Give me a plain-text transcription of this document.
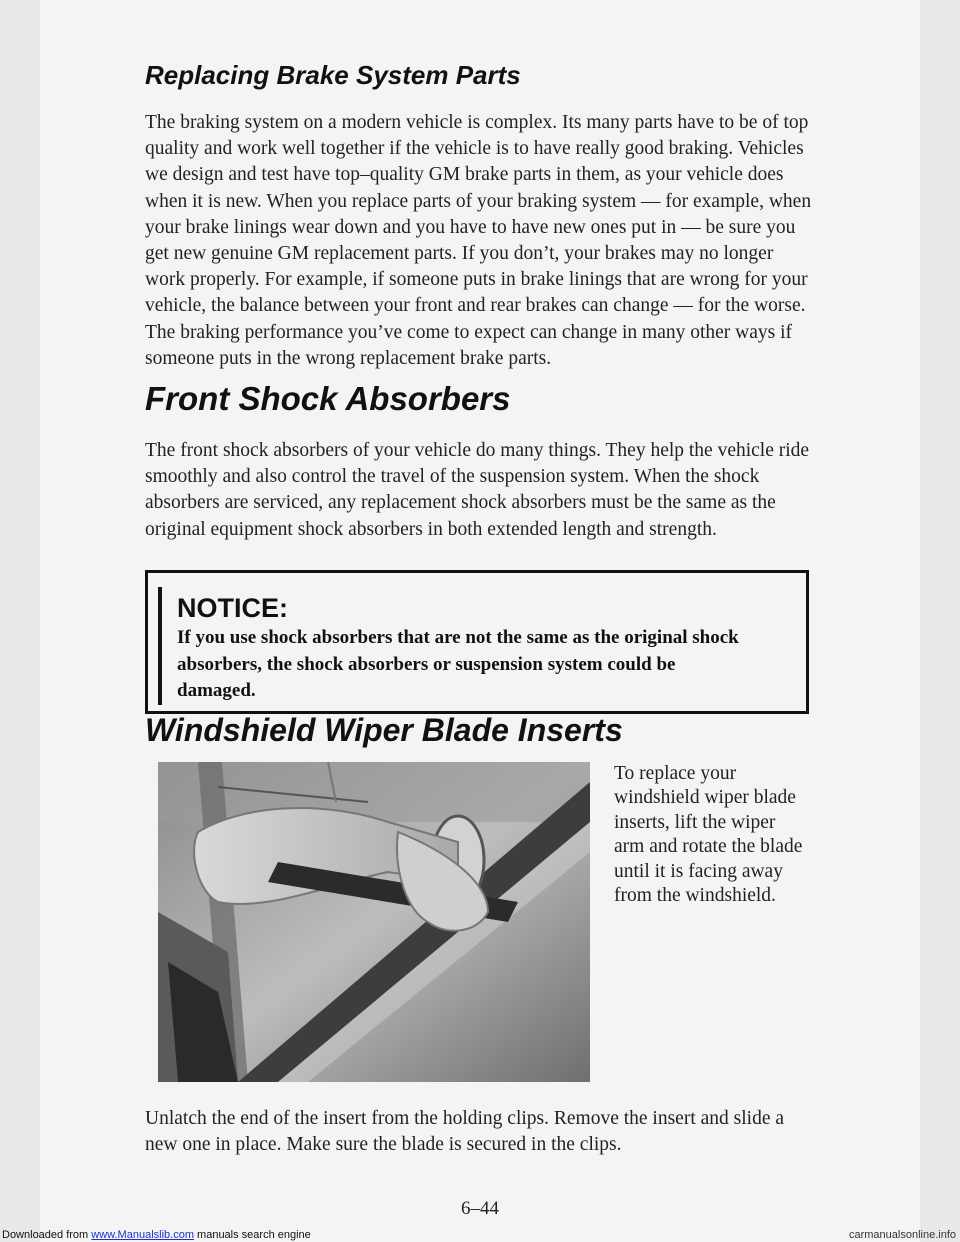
Replacing Brake System Parts

The braking system on a modern vehicle is complex. Its many parts have to be of top quality and work well together if the vehicle is to have really good braking. Vehicles we design and test have top–quality GM brake parts in them, as your vehicle does when it is new. When you replace parts of your braking system — for example, when your brake linings wear down and you have to have new ones put in — be sure you get new genuine GM replacement parts. If you don’t, your brakes may no longer work properly. For example, if someone puts in brake linings that are wrong for your vehicle, the balance between your front and rear brakes can change — for the worse. The braking performance you’ve come to expect can change in many other ways if someone puts in the wrong replacement brake parts.

Front Shock Absorbers

The front shock absorbers of your vehicle do many things. They help the vehicle ride smoothly and also control the travel of the suspension system. When the shock absorbers are serviced, any replacement shock absorbers must be the same as the original equipment shock absorbers in both extended length and strength.

NOTICE:

If you use shock absorbers that are not the same as the original shock absorbers, the shock absorbers or suspension system could be damaged.

Windshield Wiper Blade Inserts

To replace your windshield wiper blade inserts, lift the wiper arm and rotate the blade until it is facing away from the windshield.

Unlatch the end of the insert from the holding clips. Remove the insert and slide a new one in place. Make sure the blade is secured in the clips.

6–44

Downloaded from www.Manualslib.com manuals search engine	carmanualsonline.info
